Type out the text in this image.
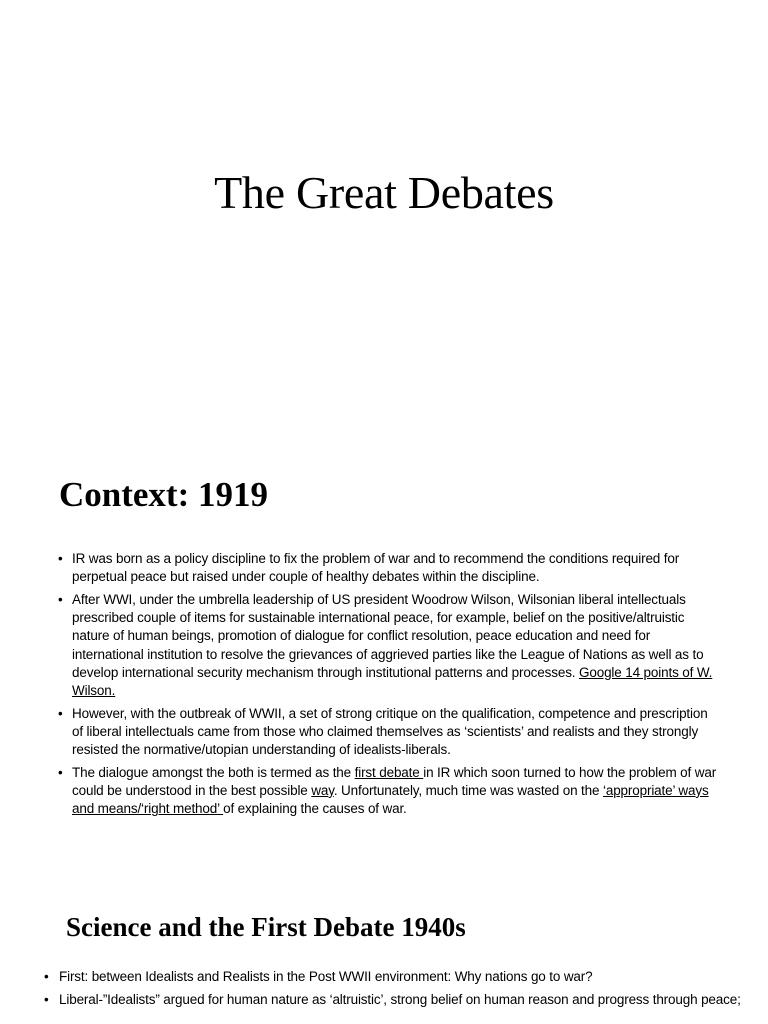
The Great Debates
Context: 1919
• IR was born as a policy discipline to fix the problem of war and to recommend the conditions required for perpetual peace but raised under couple of healthy debates within the discipline.
• After WWI, under the umbrella leadership of US president Woodrow Wilson, Wilsonian liberal intellectuals prescribed couple of items for sustainable international peace, for example, belief on the positive/altruistic nature of human beings, promotion of dialogue for conflict resolution, peace education and need for international institution to resolve the grievances of aggrieved parties like the League of Nations as well as to develop international security mechanism through institutional patterns and processes. Google 14 points of W. Wilson.
• However, with the outbreak of WWII, a set of strong critique on the qualification, competence and prescription of liberal intellectuals came from those who claimed themselves as ‘scientists’ and realists and they strongly resisted the normative/utopian understanding of idealists-liberals.
• The dialogue amongst the both is termed as the first debate in IR which soon turned to how the problem of war could be understood in the best possible way. Unfortunately, much time was wasted on the ‘appropriate’ ways and means/‘right method’ of explaining the causes of war.
Science and the First Debate 1940s
• First: between Idealists and Realists in the Post WWII environment: Why nations go to war?
• Liberal-”Idealists” argued for human nature as ‘altruistic’, strong belief on human reason and progress through peace;
